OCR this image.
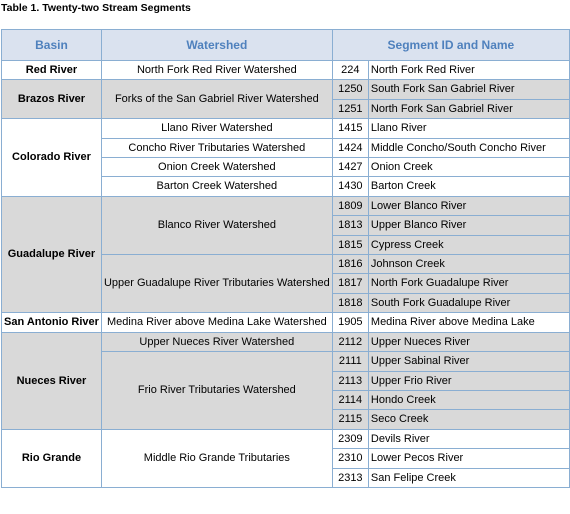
Table 1. Twenty-two Stream Segments
Basin	Watershed	Segment ID and Name	
Red River	North Fork Red River Watershed	224	North Fork Red River
Brazos River	Forks of the San Gabriel River Watershed	1250	South Fork San Gabriel River
		1251	North Fork San Gabriel River
Colorado River	Llano River Watershed	1415	Llano River
	Concho River Tributaries Watershed	1424	Middle Concho/South Concho River
	Onion Creek Watershed	1427	Onion Creek
	Barton Creek Watershed	1430	Barton Creek
Guadalupe River	Blanco River Watershed	1809	Lower Blanco River
		1813	Upper Blanco River
		1815	Cypress Creek
	Upper Guadalupe River Tributaries Watershed	1816	Johnson Creek
		1817	North Fork Guadalupe River
		1818	South Fork Guadalupe River
San Antonio River	Medina River above Medina Lake Watershed	1905	Medina River above Medina Lake
Nueces River	Upper Nueces River Watershed	2112	Upper Nueces River
	Frio River Tributaries Watershed	2111	Upper Sabinal River
		2113	Upper Frio River
		2114	Hondo Creek
		2115	Seco Creek
Rio Grande	Middle Rio Grande Tributaries	2309	Devils River
		2310	Lower Pecos River
		2313	San Felipe Creek
